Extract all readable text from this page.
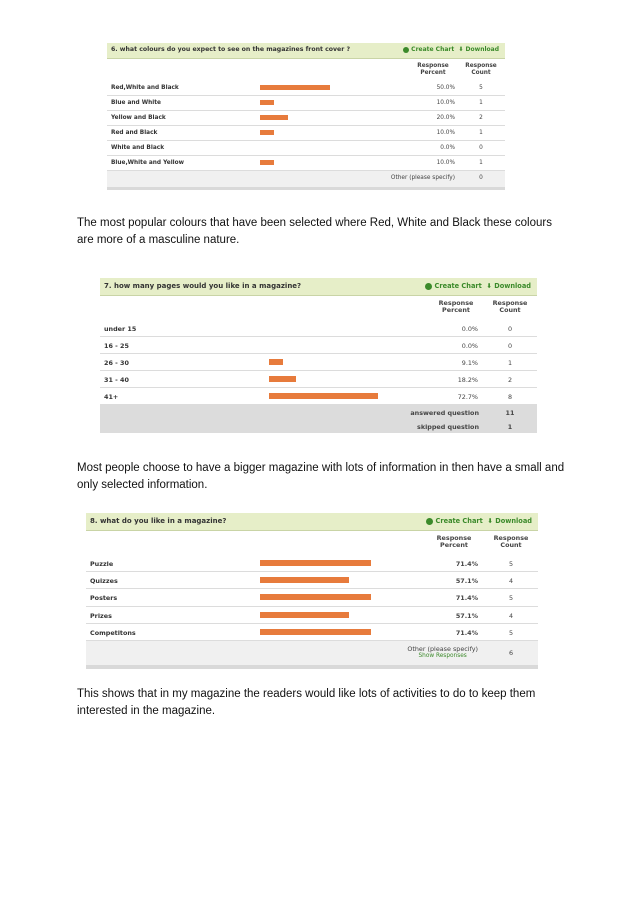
6. what colours do you expect to see on the magazines front cover ?	Create Chart ⬇ Download
Response
Percent
Response
Count
Red,White and Black	50.0%	5
Blue and White	10.0%	1
Yellow and Black	20.0%	2
Red and Black	10.0%	1
White and Black	0.0%	0
Blue,White and Yellow	10.0%	1
Other (please specify)	0
The most popular colours that have been selected where Red, White and Black these colours are more of a masculine nature.
7. how many pages would you like in a magazine?	Create Chart ⬇ Download
Response
Percent
Response
Count
under 15	0.0%	0
16 - 25	0.0%	0
26 - 30	9.1%	1
31 - 40	18.2%	2
41+	72.7%	8
answered question	11
skipped question	1
Most people choose to have a bigger magazine with lots of information in then have a small and only selected information.
8. what do you like in a magazine?	Create Chart ⬇ Download
Response
Percent
Response
Count
Puzzle	71.4%	5
Quizzes	57.1%	4
Posters	71.4%	5
Prizes	57.1%	4
Competitons	71.4%	5
Other (please specify)
Show Responses	6
This shows that in my magazine the readers would like lots of activities to do to keep them interested in the magazine.
